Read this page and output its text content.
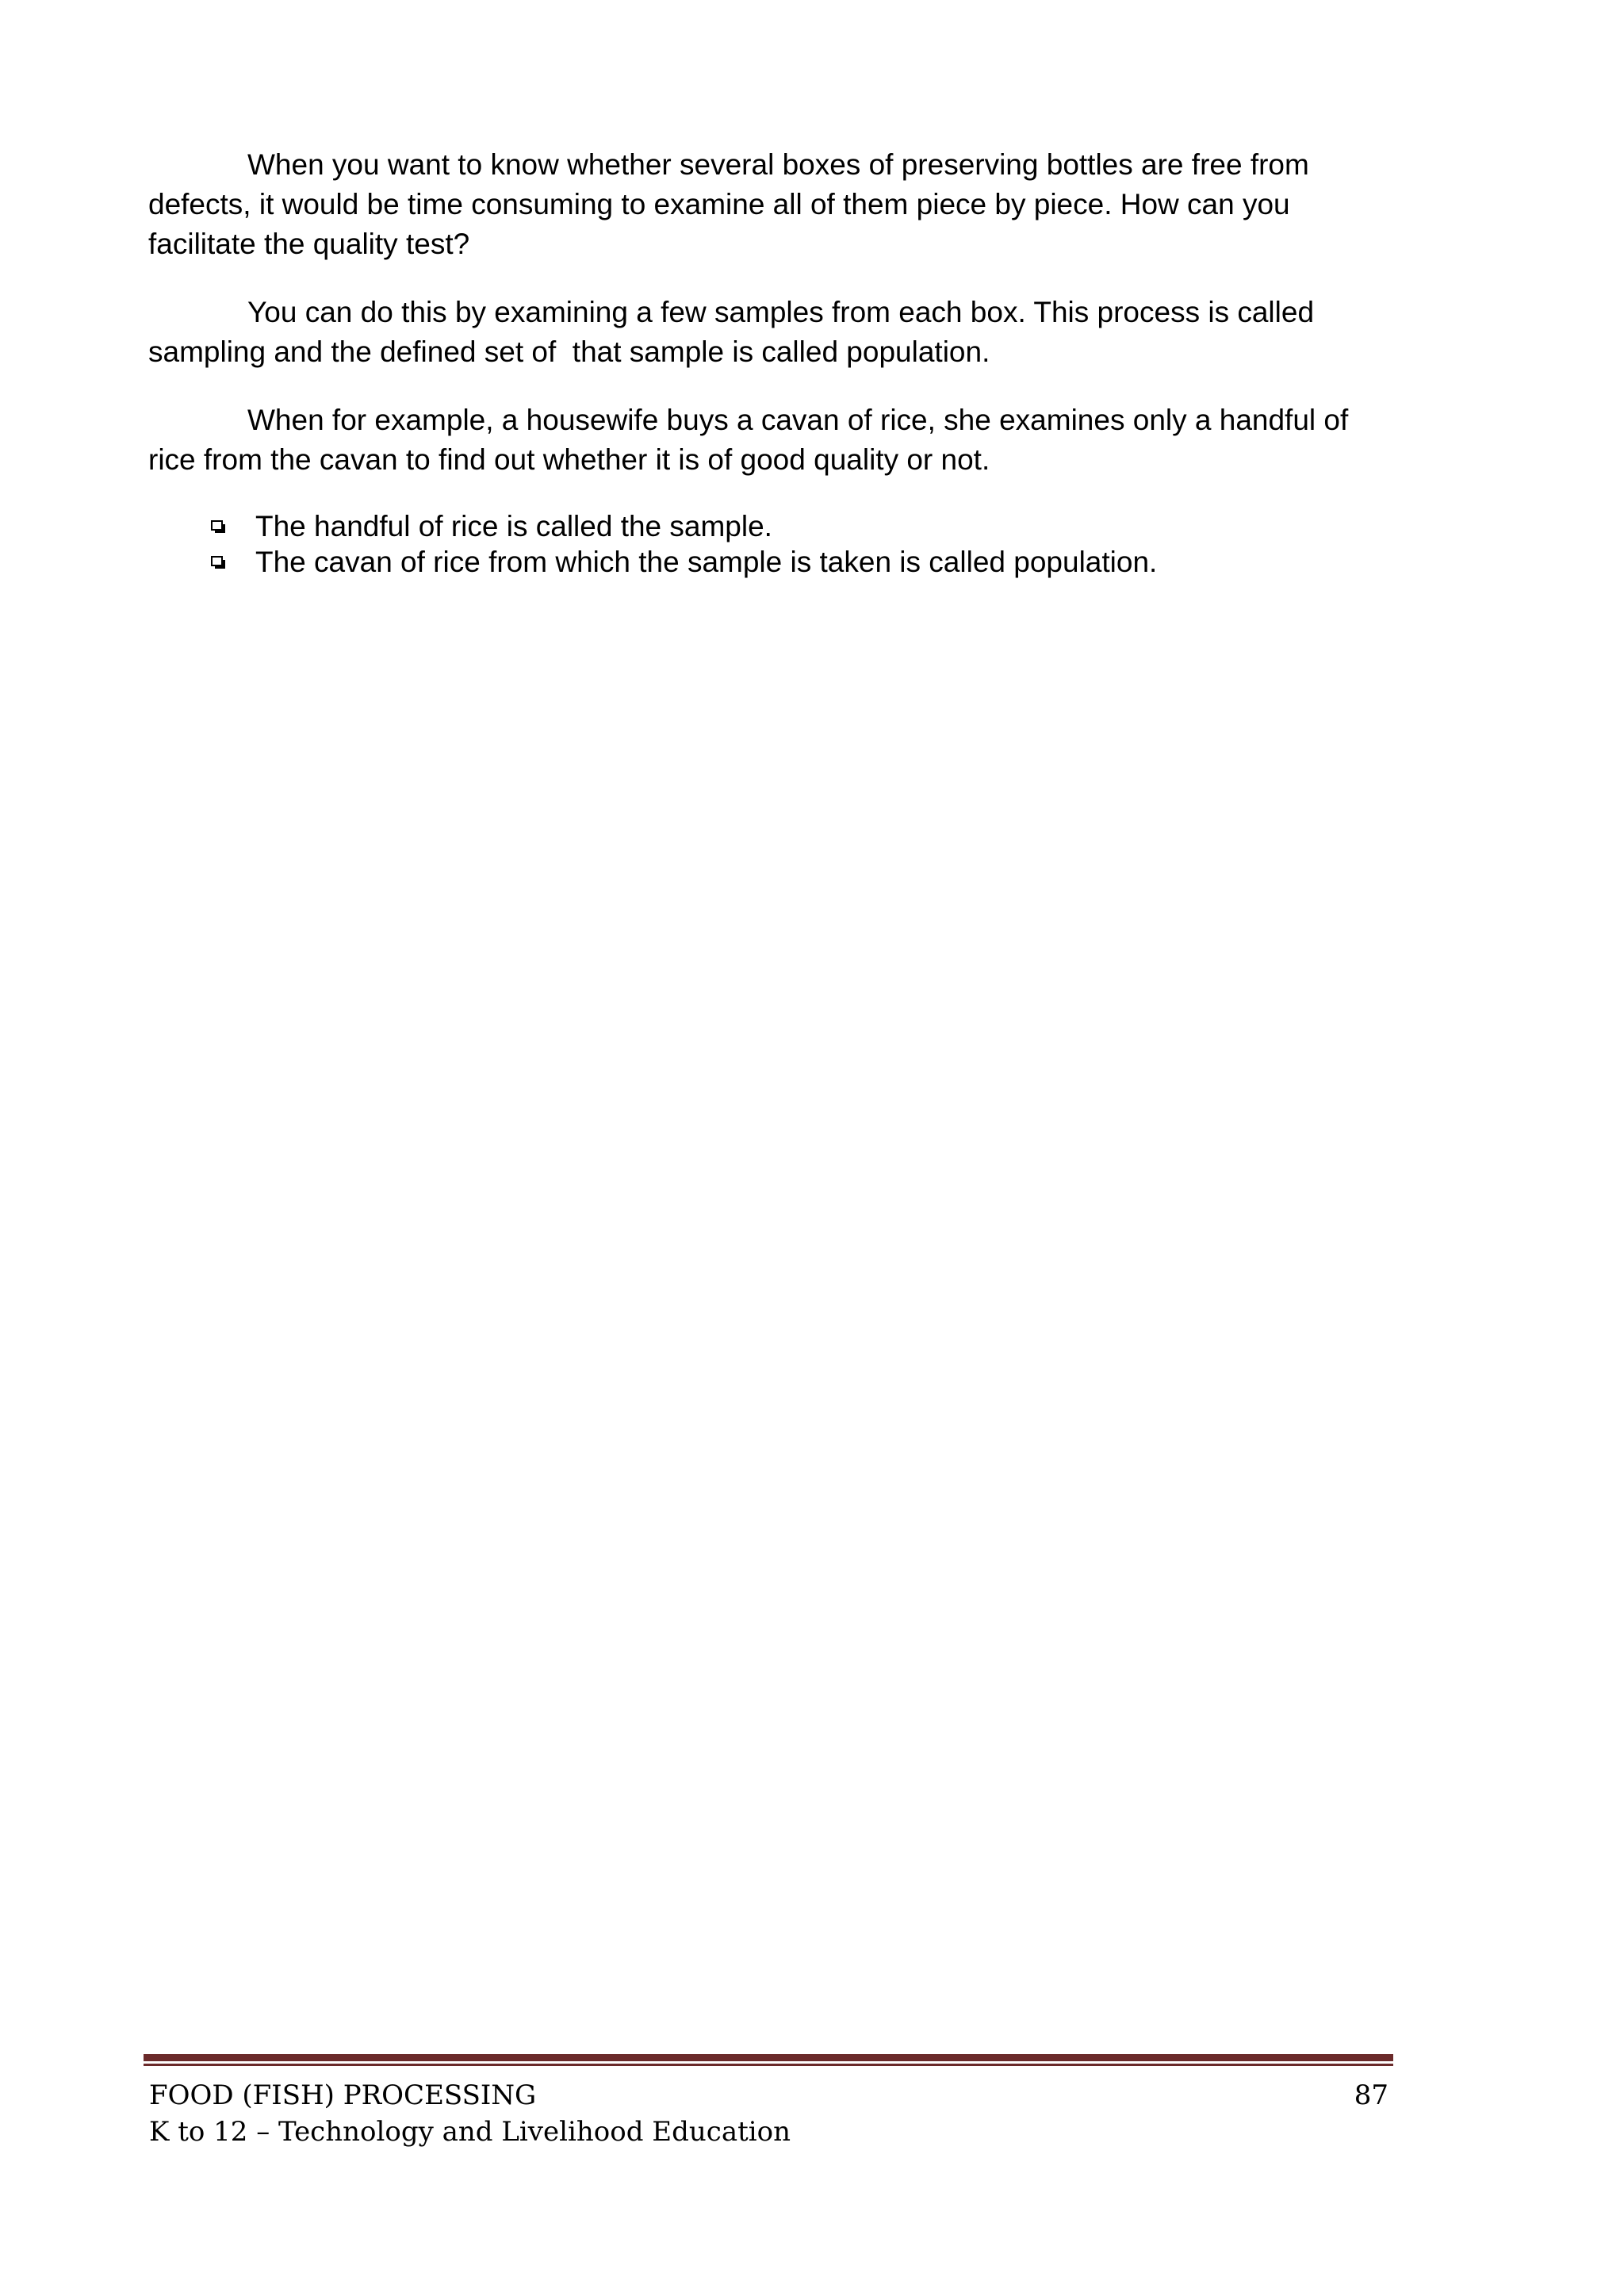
When you want to know whether several boxes of preserving bottles are free from defects, it would be time consuming to examine all of them piece by piece. How can you facilitate the quality test?

You can do this by examining a few samples from each box. This process is called sampling and the defined set of  that sample is called population.

When for example, a housewife buys a cavan of rice, she examines only a handful of rice from the cavan to find out whether it is of good quality or not.

The handful of rice is called the sample.
The cavan of rice from which the sample is taken is called population.
FOOD (FISH) PROCESSING	87
K to 12 – Technology and Livelihood Education
